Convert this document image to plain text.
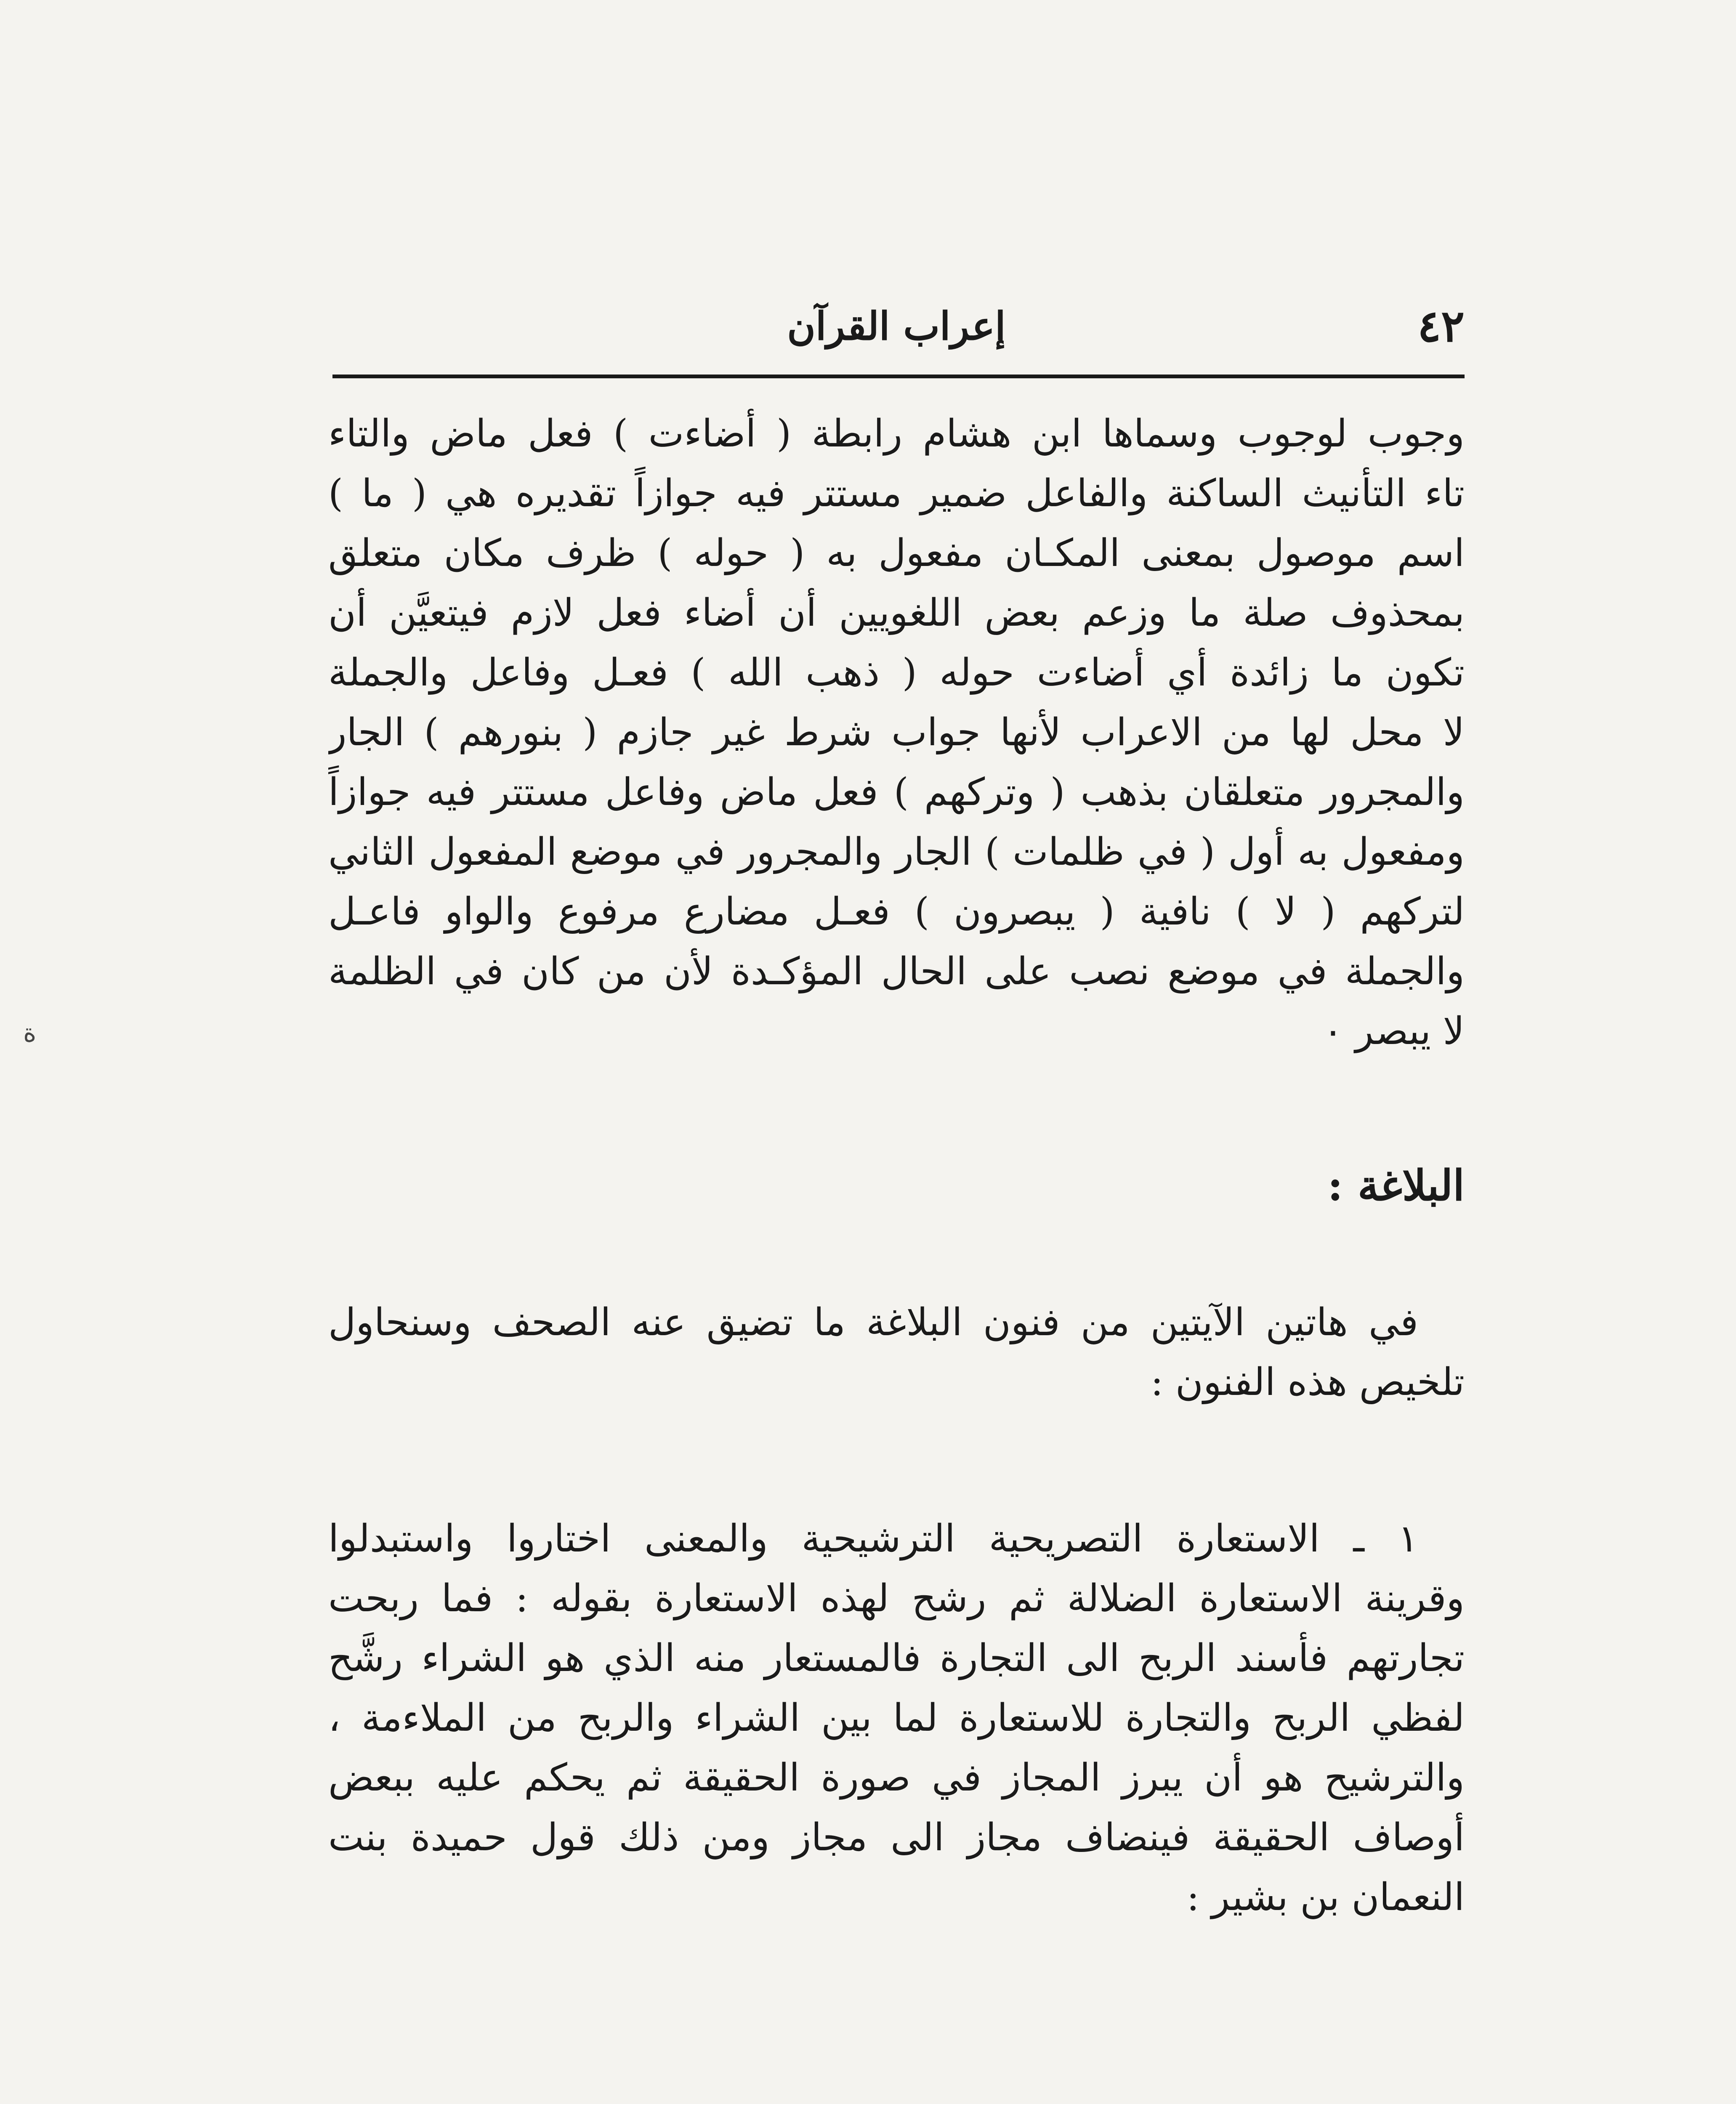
٤٢
إعراب القرآن
ﺓ
وجوب لوجوب وسماها ابن هشام رابطة ( أضاءت ) فعل ماض والتاء
تاء التأنيث الساكنة والفاعل ضمير مستتر فيه جوازاً تقديره هي ( ما )
اسم موصول بمعنى المكـان مفعول به ( حوله ) ظرف مكان متعلق
بمحذوف صلة ما وزعم بعض اللغويين أن أضاء فعل لازم فيتعيَّن أن
تكون ما زائدة أي أضاءت حوله ( ذهب الله ) فعـل وفاعل والجملة
لا محل لها من الاعراب لأنها جواب شرط غير جازم ( بنورهم ) الجار
والمجرور متعلقان بذهب ( وتركهم ) فعل ماض وفاعل مستتر فيه جوازاً
ومفعول به أول ( في ظلمات ) الجار والمجرور في موضع المفعول الثاني
لتركهم ( لا ) نافية ( يبصرون ) فعـل مضارع مرفوع والواو فاعـل
والجملة في موضع نصب على الحال المؤكـدة لأن من كان في الظلمة
لا يبصر ٠
البلاغة :
في هاتين الآيتين من فنون البلاغة ما تضيق عنه الصحف وسنحاول
تلخيص هذه الفنون :
١ ـ الاستعارة التصريحية الترشيحية والمعنى اختاروا واستبدلوا
وقرينة الاستعارة الضلالة ثم رشح لهذه الاستعارة بقوله : فما ربحت
تجارتهم فأسند الربح الى التجارة فالمستعار منه الذي هو الشراء رشَّح
لفظي الربح والتجارة للاستعارة لما بين الشراء والربح من الملاءمة ،
والترشيح هو أن يبرز المجاز في صورة الحقيقة ثم يحكم عليه ببعض
أوصاف الحقيقة فينضاف مجاز الى مجاز ومن ذلك قول حميدة بنت
النعمان بن بشير :
